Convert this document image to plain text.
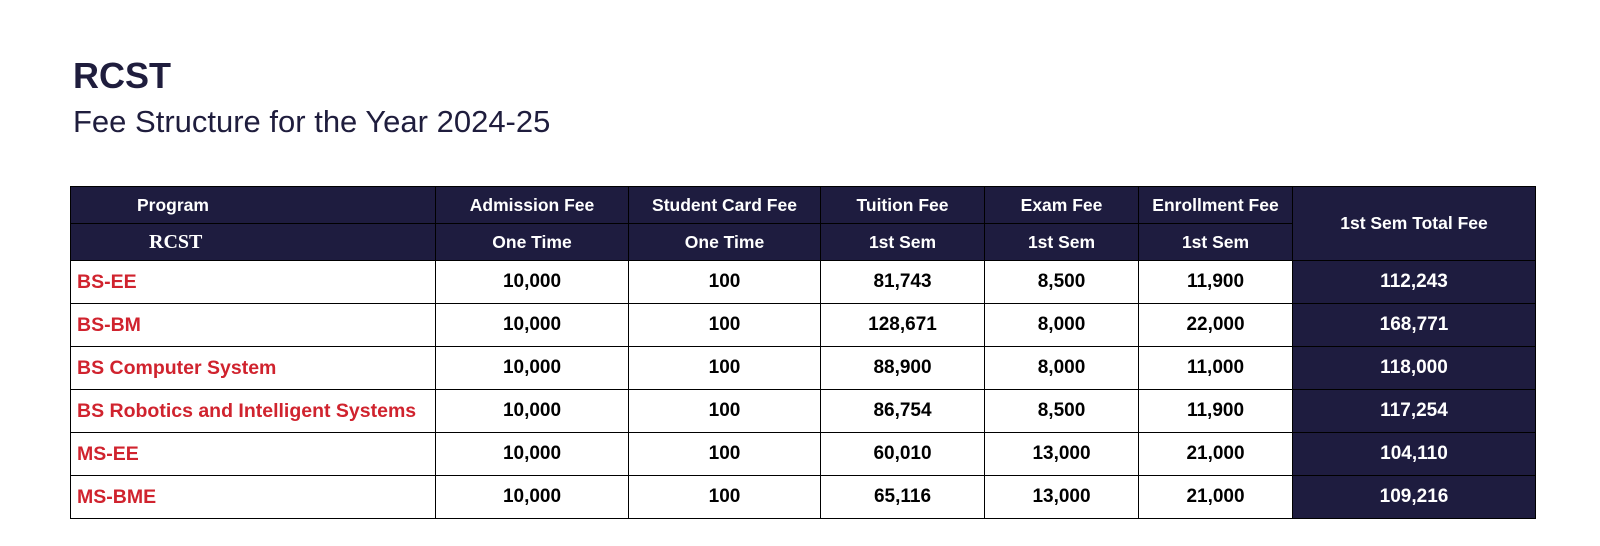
RCST
Fee Structure for the Year 2024-25
Program	Admission Fee	Student Card Fee	Tuition Fee	Exam Fee	Enrollment Fee	1st Sem Total Fee
RCST	One Time	One Time	1st Sem	1st Sem	1st Sem	
BS-EE	10,000	100	81,743	8,500	11,900	112,243
BS-BM	10,000	100	128,671	8,000	22,000	168,771
BS Computer System	10,000	100	88,900	8,000	11,000	118,000
BS Robotics and Intelligent Systems	10,000	100	86,754	8,500	11,900	117,254
MS-EE	10,000	100	60,010	13,000	21,000	104,110
MS-BME	10,000	100	65,116	13,000	21,000	109,216
